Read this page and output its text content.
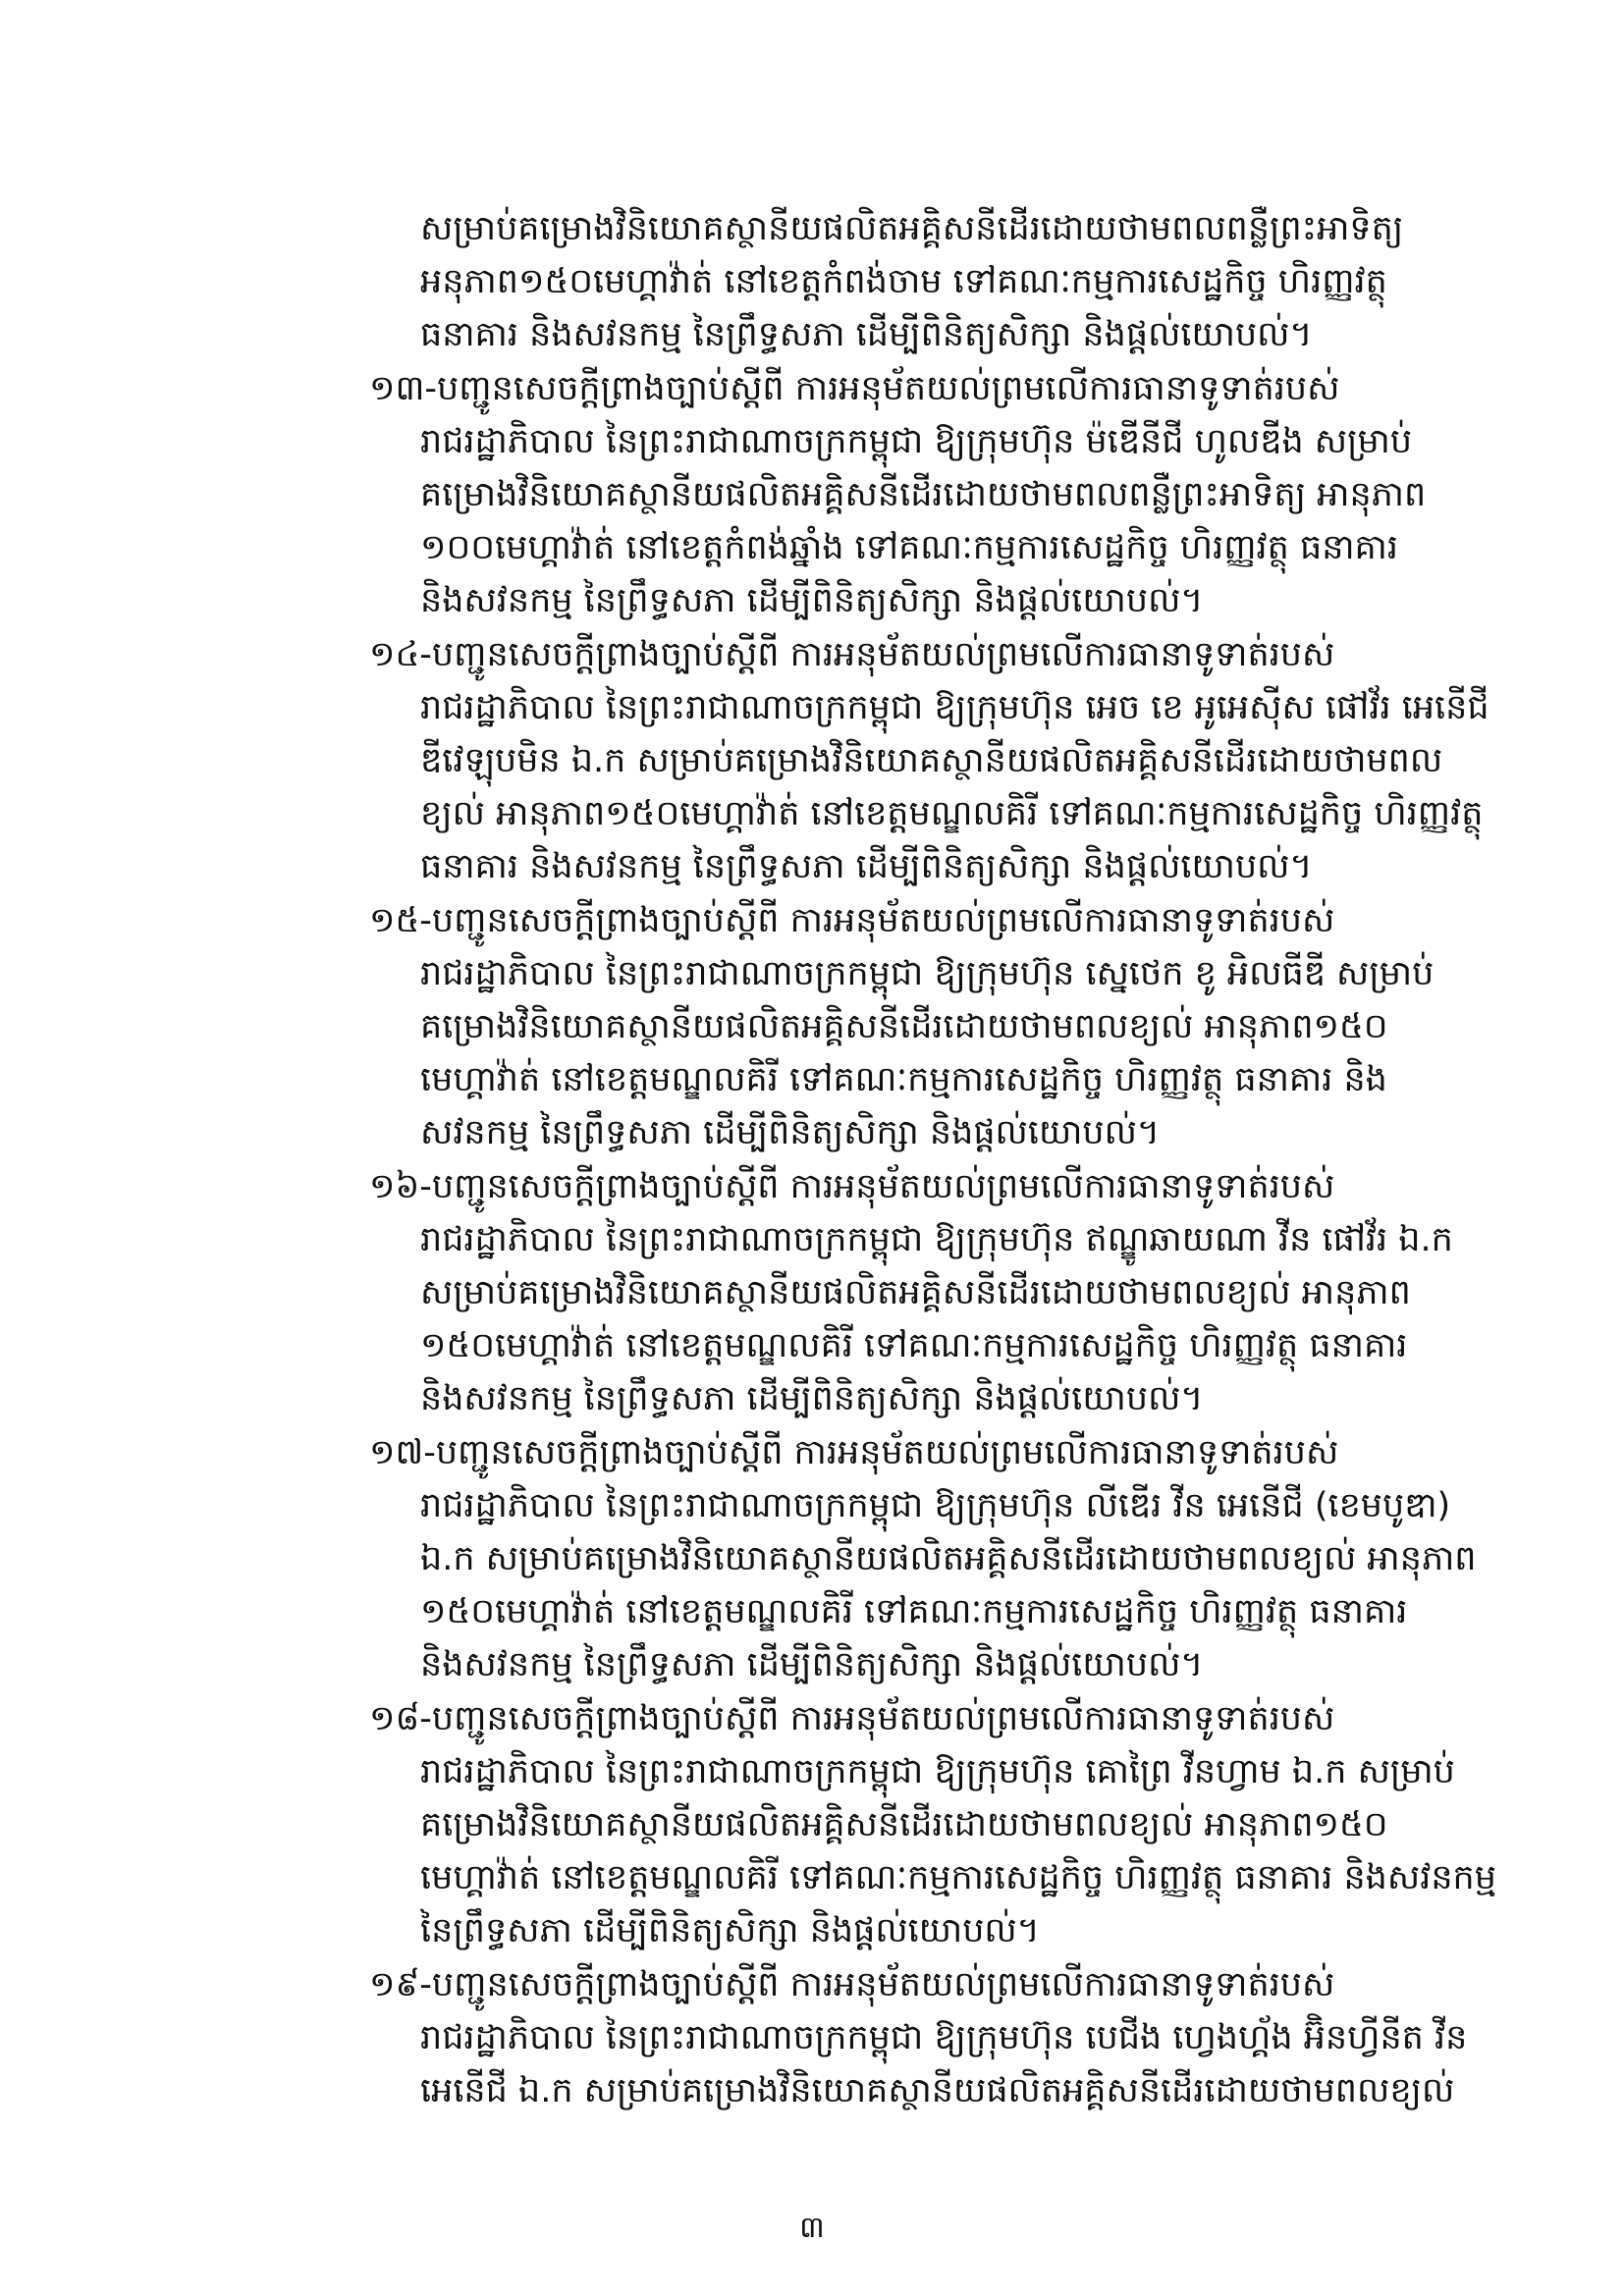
សម្រាប់គម្រោងវិនិយោគស្ថានីយផលិតអគ្គិសនីដើរដោយថាមពលពន្លឺព្រះអាទិត្យ
អនុភាព១៥០មេហ្គាវ៉ាត់ នៅខេត្តកំពង់ចាម ទៅគណៈកម្មការសេដ្ឋកិច្ច ហិរញ្ញវត្ថុ
ធនាគារ និងសវនកម្ម នៃព្រឹទ្ធសភា ដើម្បីពិនិត្យសិក្សា និងផ្តល់យោបល់។
១៣-បញ្ជូនសេចក្តីព្រាងច្បាប់ស្តីពី ការអនុម័តយល់ព្រមលើការធានាទូទាត់របស់
រាជរដ្ឋាភិបាល នៃព្រះរាជាណាចក្រកម្ពុជា ឱ្យក្រុមហ៊ុន ម៉ឌើនីជី ហូលឌីង សម្រាប់
គម្រោងវិនិយោគស្ថានីយផលិតអគ្គិសនីដើរដោយថាមពលពន្លឺព្រះអាទិត្យ អានុភាព
១០០មេហ្គាវ៉ាត់ នៅខេត្តកំពង់ឆ្នាំង ទៅគណៈកម្មការសេដ្ឋកិច្ច ហិរញ្ញវត្ថុ ធនាគារ
និងសវនកម្ម នៃព្រឹទ្ធសភា ដើម្បីពិនិត្យសិក្សា និងផ្តល់យោបល់។
១៤-បញ្ជូនសេចក្តីព្រាងច្បាប់ស្តីពី ការអនុម័តយល់ព្រមលើការធានាទូទាត់របស់
រាជរដ្ឋាភិបាល នៃព្រះរាជាណាចក្រកម្ពុជា ឱ្យក្រុមហ៊ុន អេច ខេ អូអេស៊ីស ផៅវ័រ អេនើជី
ឌីវេឡុបមិន ឯ.ក សម្រាប់គម្រោងវិនិយោគស្ថានីយផលិតអគ្គិសនីដើរដោយថាមពល
ខ្យល់ អានុភាព១៥០មេហ្គាវ៉ាត់ នៅខេត្តមណ្ឌលគិរី ទៅគណៈកម្មការសេដ្ឋកិច្ច ហិរញ្ញវត្ថុ
ធនាគារ និងសវនកម្ម នៃព្រឹទ្ធសភា ដើម្បីពិនិត្យសិក្សា និងផ្តល់យោបល់។
១៥-បញ្ជូនសេចក្តីព្រាងច្បាប់ស្តីពី ការអនុម័តយល់ព្រមលើការធានាទូទាត់របស់
រាជរដ្ឋាភិបាល នៃព្រះរាជាណាចក្រកម្ពុជា ឱ្យក្រុមហ៊ុន ស្នេថេក ខូ អិលធីឌី សម្រាប់
គម្រោងវិនិយោគស្ថានីយផលិតអគ្គិសនីដើរដោយថាមពលខ្យល់ អានុភាព១៥០
មេហ្គាវ៉ាត់ នៅខេត្តមណ្ឌលគិរី ទៅគណៈកម្មការសេដ្ឋកិច្ច ហិរញ្ញវត្ថុ ធនាគារ និង
សវនកម្ម នៃព្រឹទ្ធសភា ដើម្បីពិនិត្យសិក្សា និងផ្តល់យោបល់។
១៦-បញ្ជូនសេចក្តីព្រាងច្បាប់ស្តីពី ការអនុម័តយល់ព្រមលើការធានាទូទាត់របស់
រាជរដ្ឋាភិបាល នៃព្រះរាជាណាចក្រកម្ពុជា ឱ្យក្រុមហ៊ុន ឥណ្ឌូឆាយណា វីន ផៅវ័រ ឯ.ក
សម្រាប់គម្រោងវិនិយោគស្ថានីយផលិតអគ្គិសនីដើរដោយថាមពលខ្យល់ អានុភាព
១៥០មេហ្គាវ៉ាត់ នៅខេត្តមណ្ឌលគិរី ទៅគណៈកម្មការសេដ្ឋកិច្ច ហិរញ្ញវត្ថុ ធនាគារ
និងសវនកម្ម នៃព្រឹទ្ធសភា ដើម្បីពិនិត្យសិក្សា និងផ្តល់យោបល់។
១៧-បញ្ជូនសេចក្តីព្រាងច្បាប់ស្តីពី ការអនុម័តយល់ព្រមលើការធានាទូទាត់របស់
រាជរដ្ឋាភិបាល នៃព្រះរាជាណាចក្រកម្ពុជា ឱ្យក្រុមហ៊ុន លីឌើរ វីន អេនើជី (ខេមបូឌា)
ឯ.ក សម្រាប់គម្រោងវិនិយោគស្ថានីយផលិតអគ្គិសនីដើរដោយថាមពលខ្យល់ អានុភាព
១៥០មេហ្គាវ៉ាត់ នៅខេត្តមណ្ឌលគិរី ទៅគណៈកម្មការសេដ្ឋកិច្ច ហិរញ្ញវត្ថុ ធនាគារ
និងសវនកម្ម នៃព្រឹទ្ធសភា ដើម្បីពិនិត្យសិក្សា និងផ្តល់យោបល់។
១៨-បញ្ជូនសេចក្តីព្រាងច្បាប់ស្តីពី ការអនុម័តយល់ព្រមលើការធានាទូទាត់របស់
រាជរដ្ឋាភិបាល នៃព្រះរាជាណាចក្រកម្ពុជា ឱ្យក្រុមហ៊ុន គោព្រៃ វីនហ្វាម ឯ.ក សម្រាប់
គម្រោងវិនិយោគស្ថានីយផលិតអគ្គិសនីដើរដោយថាមពលខ្យល់ អានុភាព១៥០
មេហ្គាវ៉ាត់ នៅខេត្តមណ្ឌលគិរី ទៅគណៈកម្មការសេដ្ឋកិច្ច ហិរញ្ញវត្ថុ ធនាគារ និងសវនកម្ម
នៃព្រឹទ្ធសភា ដើម្បីពិនិត្យសិក្សា និងផ្តល់យោបល់។
១៩-បញ្ជូនសេចក្តីព្រាងច្បាប់ស្តីពី ការអនុម័តយល់ព្រមលើការធានាទូទាត់របស់
រាជរដ្ឋាភិបាល នៃព្រះរាជាណាចក្រកម្ពុជា ឱ្យក្រុមហ៊ុន បេជីង ហ្វេងហ្គ័ង អ៊ិនហ្វីនីត វីន
អេនើជី ឯ.ក សម្រាប់គម្រោងវិនិយោគស្ថានីយផលិតអគ្គិសនីដើរដោយថាមពលខ្យល់
៣
